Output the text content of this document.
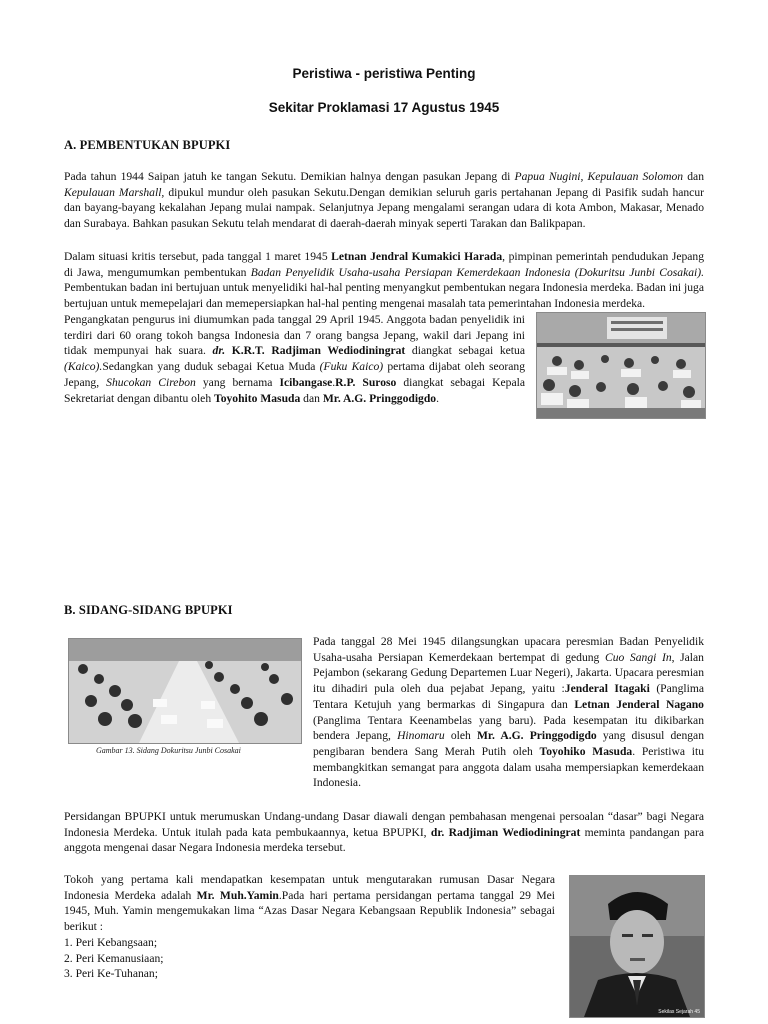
Peristiwa - peristiwa Penting
Sekitar Proklamasi 17 Agustus 1945
A. PEMBENTUKAN BPUPKI

Pada tahun 1944 Saipan jatuh ke tangan Sekutu. Demikian halnya dengan pasukan Jepang di Papua Nugini, Kepulauan Solomon dan Kepulauan Marshall, dipukul mundur oleh pasukan Sekutu.Dengan demikian seluruh garis pertahanan Jepang di Pasifik sudah hancur dan bayang-bayang kekalahan Jepang mulai nampak. Selanjutnya Jepang mengalami serangan udara di kota Ambon, Makasar, Menado dan Surabaya. Bahkan pasukan Sekutu telah mendarat di daerah-daerah minyak seperti Tarakan dan Balikpapan.

Dalam situasi kritis tersebut, pada tanggal 1 maret 1945 Letnan Jendral Kumakici Harada, pimpinan pemerintah pendudukan Jepang di Jawa, mengumumkan pembentukan Badan Penyelidik Usaha-usaha Persiapan Kemerdekaan Indonesia (Dokuritsu Junbi Cosakai). Pembentukan badan ini bertujuan untuk menyelidiki hal-hal penting menyangkut pembentukan negara Indonesia merdeka. Badan ini juga bertujuan untuk memepelajari dan memepersiapkan hal-hal penting mengenai masalah tata pemerintahan Indonesia merdeka.

Pengangkatan pengurus ini diumumkan pada tanggal 29 April 1945. Anggota badan penyelidik ini terdiri dari 60 orang tokoh bangsa Indonesia dan 7 orang bangsa Jepang, wakil dari Jepang ini tidak mempunyai hak suara. dr. K.R.T. Radjiman Wediodiningrat diangkat sebagai ketua (Kaico).Sedangkan yang duduk sebagai Ketua Muda (Fuku Kaico) pertama dijabat oleh seorang Jepang, Shucokan Cirebon yang bernama Icibangase.R.P. Suroso diangkat sebagai Kepala Sekretariat dengan dibantu oleh Toyohito Masuda dan Mr. A.G. Pringgodigdo.

B. SIDANG-SIDANG BPUPKI
Gambar 13. Sidang Dokuritsu Junbi Cosakai

Pada tanggal 28 Mei 1945 dilangsungkan upacara peresmian Badan Penyelidik Usaha-usaha Persiapan Kemerdekaan bertempat di gedung Cuo Sangi In, Jalan Pejambon (sekarang Gedung Departemen Luar Negeri), Jakarta. Upacara peresmian itu dihadiri pula oleh dua pejabat Jepang, yaitu :Jenderal Itagaki (Panglima Tentara Ketujuh yang bermarkas di Singapura dan Letnan Jenderal Nagano (Panglima Tentara Keenambelas yang baru). Pada kesempatan itu dikibarkan bendera Jepang, Hinomaru oleh Mr. A.G. Pringgodigdo yang disusul dengan pengibaran bendera Sang Merah Putih oleh Toyohiko Masuda. Peristiwa itu membangkitkan semangat para anggota dalam usaha mempersiapkan kemerdekaan Indonesia.

Persidangan BPUPKI untuk merumuskan Undang-undang Dasar diawali dengan pembahasan mengenai persoalan “dasar” bagi Negara Indonesia Merdeka. Untuk itulah pada kata pembukaannya, ketua BPUPKI, dr. Radjiman Wediodiningrat meminta pandangan para anggota mengenai dasar Negara Indonesia merdeka tersebut.

Tokoh yang pertama kali mendapatkan kesempatan untuk mengutarakan rumusan Dasar Negara Indonesia Merdeka adalah Mr. Muh.Yamin.Pada hari pertama persidangan pertama tanggal 29 Mei 1945, Muh. Yamin mengemukakan lima “Azas Dasar Negara Kebangsaan Republik Indonesia” sebagai berikut :

1. Peri Kebangsaan;
2. Peri Kemanusiaan;
3. Peri Ke-Tuhanan;
Sekilas Sejarah 45
